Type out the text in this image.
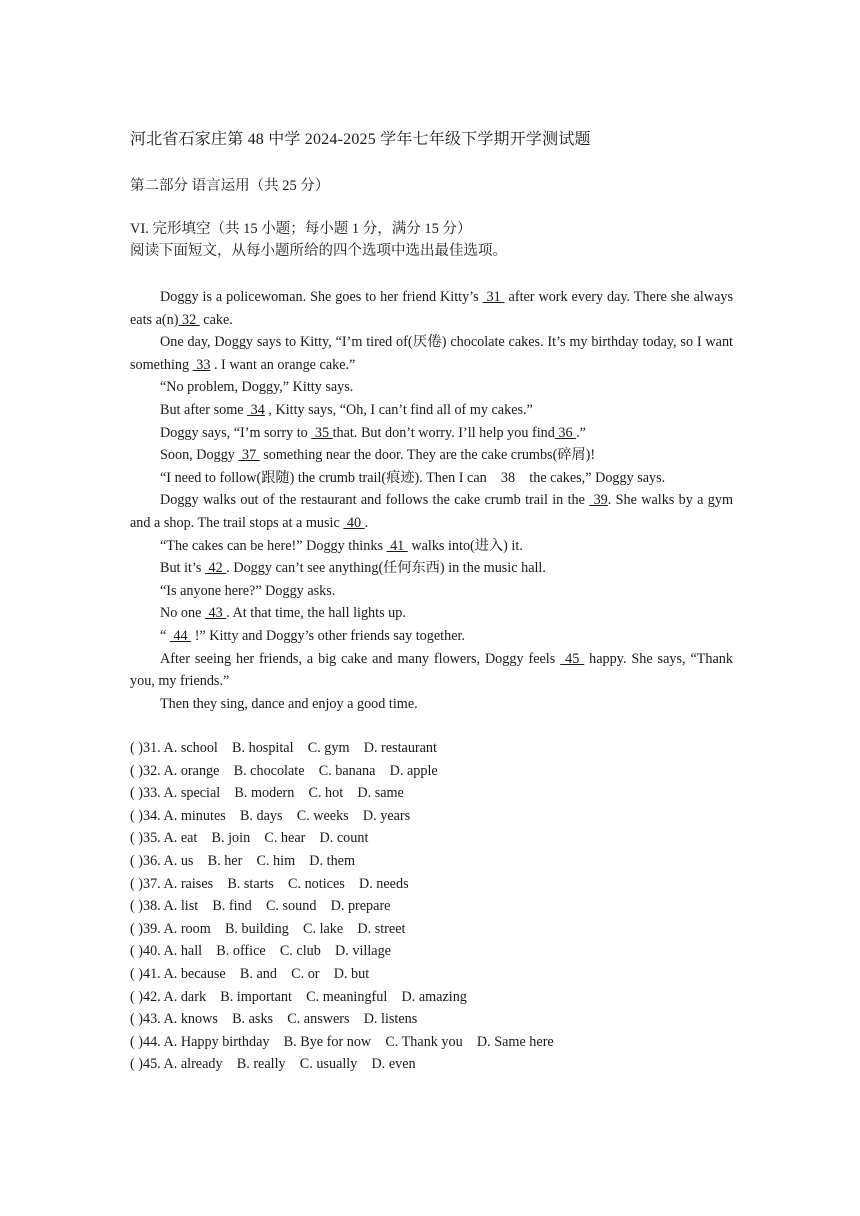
河北省石家庄第 48 中学 2024-2025 学年七年级下学期开学测试题
第二部分 语言运用（共 25 分）
VI. 完形填空（共 15 小题；每小题 1 分，满分 15 分）
阅读下面短文，从每小题所给的四个选项中选出最佳选项。

Doggy is a policewoman. She goes to her friend Kitty’s  31  after work every day. There she always eats a(n) 32  cake.

One day, Doggy says to Kitty, “I’m tired of(厌倦) chocolate cakes. It’s my birthday today, so I want something  33 . I want an orange cake.”

“No problem, Doggy,” Kitty says.

But after some  34 , Kitty says, “Oh, I can’t find all of my cakes.”

Doggy says, “I’m sorry to  35 that. But don’t worry. I’ll help you find 36 .”

Soon, Doggy  37  something near the door. They are the cake crumbs(碎屑)!

“I need to follow(跟随) the crumb trail(痕迹). Then I can    38    the cakes,” Doggy says.

Doggy walks out of the restaurant and follows the cake crumb trail in the  39. She walks by a gym and a shop. The trail stops at a music  40 .

“The cakes can be here!” Doggy thinks  41  walks into(进入) it.

But it’s  42 . Doggy can’t see anything(任何东西) in the music hall.

“Is anyone here?” Doggy asks.

No one  43 . At that time, the hall lights up.

“  44  !” Kitty and Doggy’s other friends say together.

After seeing her friends, a big cake and many flowers, Doggy feels  45  happy. She says, “Thank you, my friends.”

Then they sing, dance and enjoy a good time.

( )31. A. school    B. hospital    C. gym    D. restaurant
( )32. A. orange    B. chocolate    C. banana    D. apple
( )33. A. special    B. modern    C. hot    D. same
( )34. A. minutes    B. days    C. weeks    D. years
( )35. A. eat    B. join    C. hear    D. count
( )36. A. us    B. her    C. him    D. them
( )37. A. raises    B. starts    C. notices    D. needs
( )38. A. list    B. find    C. sound    D. prepare
( )39. A. room    B. building    C. lake    D. street
( )40. A. hall    B. office    C. club    D. village
( )41. A. because    B. and    C. or    D. but
( )42. A. dark    B. important    C. meaningful    D. amazing
( )43. A. knows    B. asks    C. answers    D. listens
( )44. A. Happy birthday    B. Bye for now    C. Thank you    D. Same here
( )45. A. already    B. really    C. usually    D. even
